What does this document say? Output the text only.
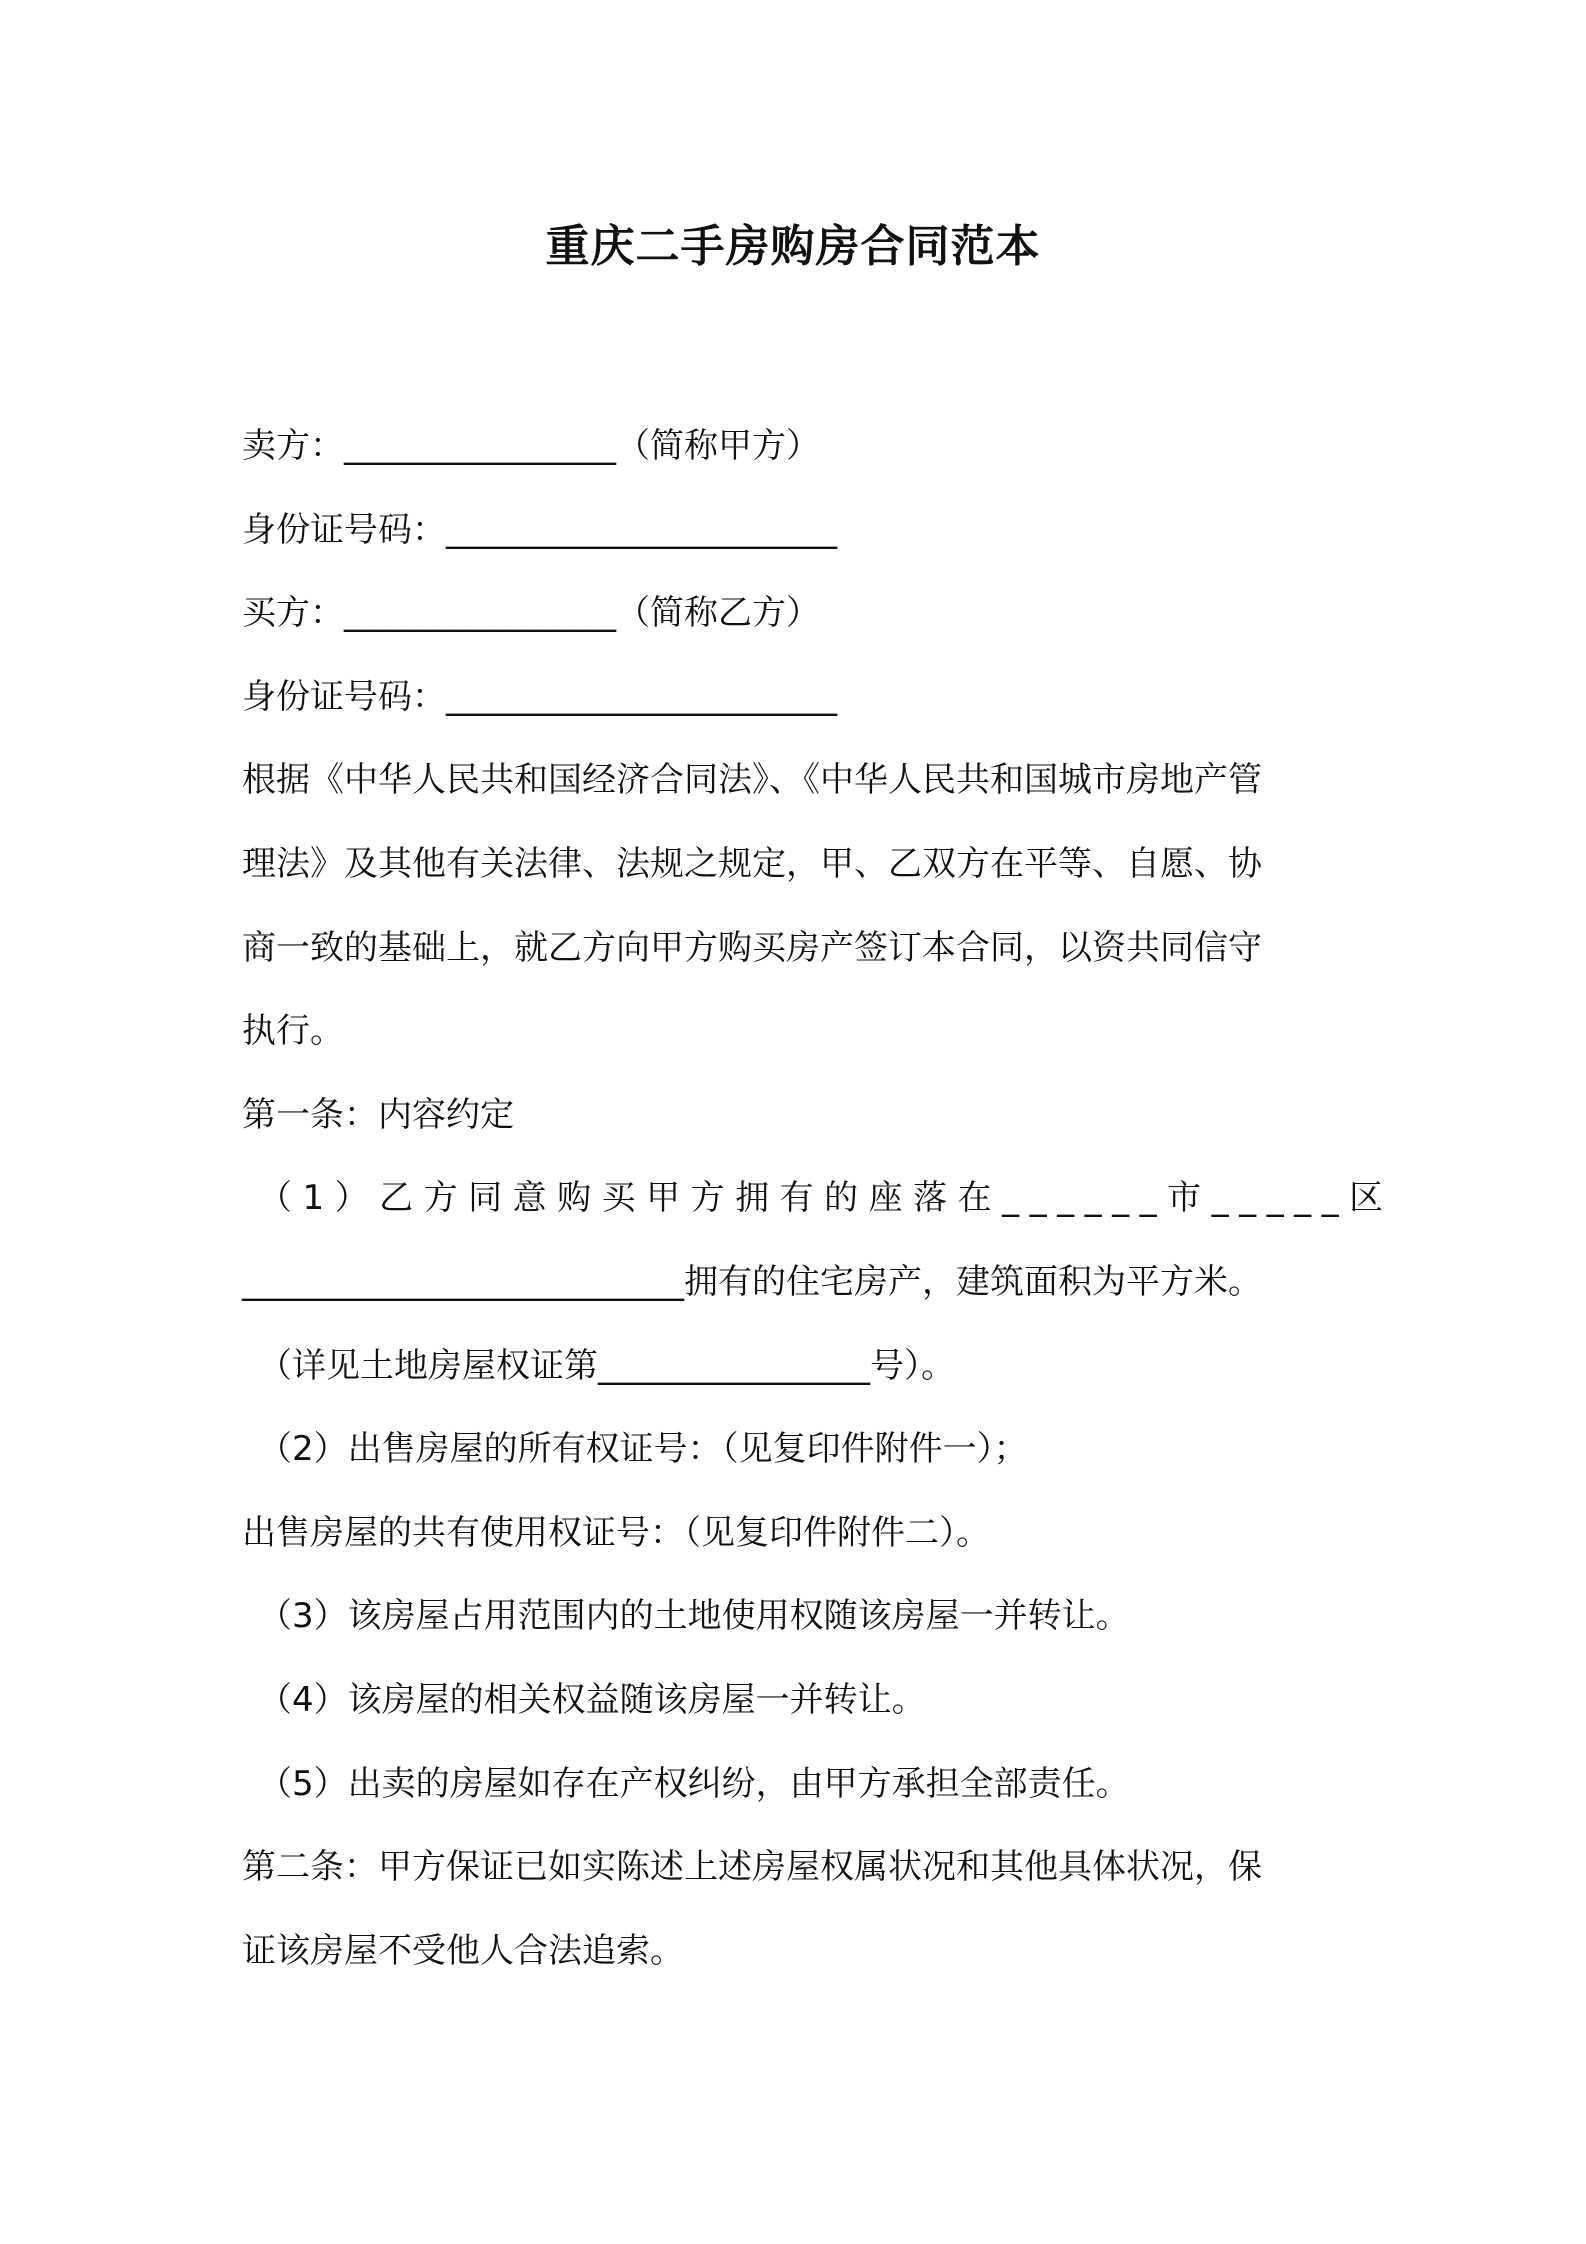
重庆二手房购房合同范本
卖方：________________（简称甲方）
身份证号码：_______________________
买方：________________（简称乙方）
身份证号码：_______________________
根据《中华人民共和国经济合同法》、《中华人民共和国城市房地产管
理法》及其他有关法律、法规之规定，甲、乙双方在平等、自愿、协
商一致的基础上，就乙方向甲方购买房产签订本合同，以资共同信守
执行。
第一条：内容约定
（1）乙方同意购买甲方拥有的座落在______市_____区
__________________________拥有的住宅房产，建筑面积为平方米。
（详见土地房屋权证第________________号）。
（2）出售房屋的所有权证号：（见复印件附件一）；
出售房屋的共有使用权证号：（见复印件附件二）。
（3）该房屋占用范围内的土地使用权随该房屋一并转让。
（4）该房屋的相关权益随该房屋一并转让。
（5）出卖的房屋如存在产权纠纷，由甲方承担全部责任。
第二条：甲方保证已如实陈述上述房屋权属状况和其他具体状况，保
证该房屋不受他人合法追索。
